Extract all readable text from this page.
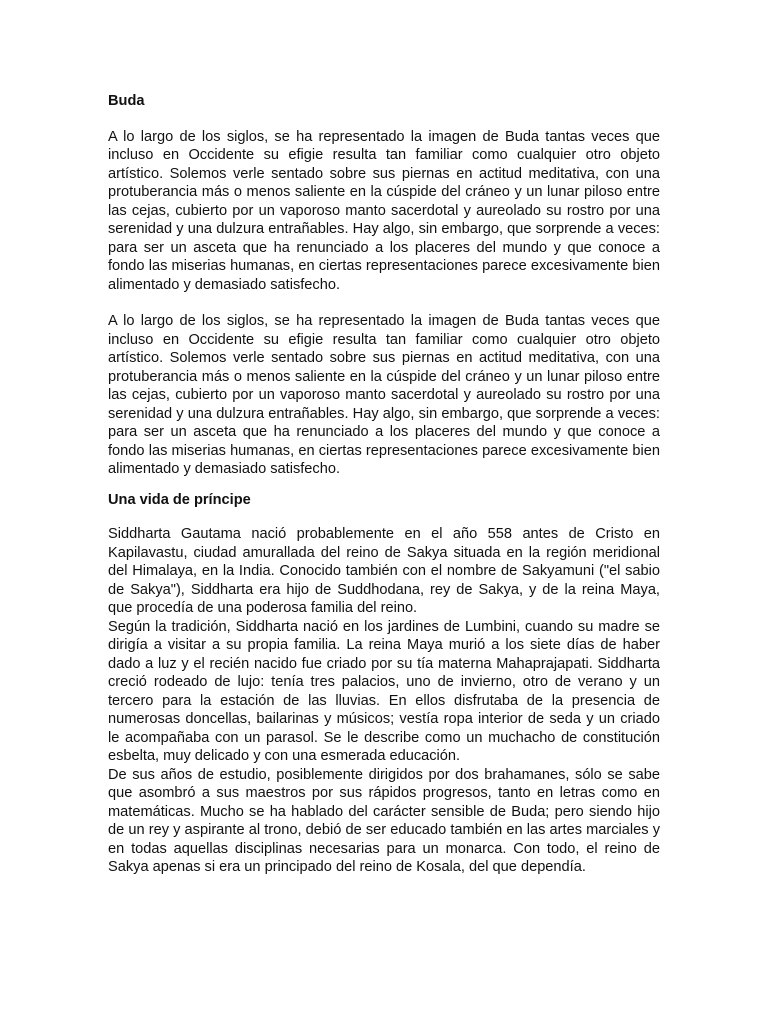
Buda

A lo largo de los siglos, se ha representado la imagen de Buda tantas veces que incluso en Occidente su efigie resulta tan familiar como cualquier otro objeto artístico. Solemos verle sentado sobre sus piernas en actitud meditativa, con una protuberancia más o menos saliente en la cúspide del cráneo y un lunar piloso entre las cejas, cubierto por un vaporoso manto sacerdotal y aureolado su rostro por una serenidad y una dulzura entrañables. Hay algo, sin embargo, que sorprende a veces: para ser un asceta que ha renunciado a los placeres del mundo y que conoce a fondo las miserias humanas, en ciertas representaciones parece excesivamente bien alimentado y demasiado satisfecho.

A lo largo de los siglos, se ha representado la imagen de Buda tantas veces que incluso en Occidente su efigie resulta tan familiar como cualquier otro objeto artístico. Solemos verle sentado sobre sus piernas en actitud meditativa, con una protuberancia más o menos saliente en la cúspide del cráneo y un lunar piloso entre las cejas, cubierto por un vaporoso manto sacerdotal y aureolado su rostro por una serenidad y una dulzura entrañables. Hay algo, sin embargo, que sorprende a veces: para ser un asceta que ha renunciado a los placeres del mundo y que conoce a fondo las miserias humanas, en ciertas representaciones parece excesivamente bien alimentado y demasiado satisfecho.

Una vida de príncipe

Siddharta Gautama nació probablemente en el año 558 antes de Cristo en Kapilavastu, ciudad amurallada del reino de Sakya situada en la región meridional del Himalaya, en la India. Conocido también con el nombre de Sakyamuni ("el sabio de Sakya"), Siddharta era hijo de Suddhodana, rey de Sakya, y de la reina Maya, que procedía de una poderosa familia del reino.

Según la tradición, Siddharta nació en los jardines de Lumbini, cuando su madre se dirigía a visitar a su propia familia. La reina Maya murió a los siete días de haber dado a luz y el recién nacido fue criado por su tía materna Mahaprajapati. Siddharta creció rodeado de lujo: tenía tres palacios, uno de invierno, otro de verano y un tercero para la estación de las lluvias. En ellos disfrutaba de la presencia de numerosas doncellas, bailarinas y músicos; vestía ropa interior de seda y un criado le acompañaba con un parasol. Se le describe como un muchacho de constitución esbelta, muy delicado y con una esmerada educación.

De sus años de estudio, posiblemente dirigidos por dos brahamanes, sólo se sabe que asombró a sus maestros por sus rápidos progresos, tanto en letras como en matemáticas. Mucho se ha hablado del carácter sensible de Buda; pero siendo hijo de un rey y aspirante al trono, debió de ser educado también en las artes marciales y en todas aquellas disciplinas necesarias para un monarca. Con todo, el reino de Sakya apenas si era un principado del reino de Kosala, del que dependía.
